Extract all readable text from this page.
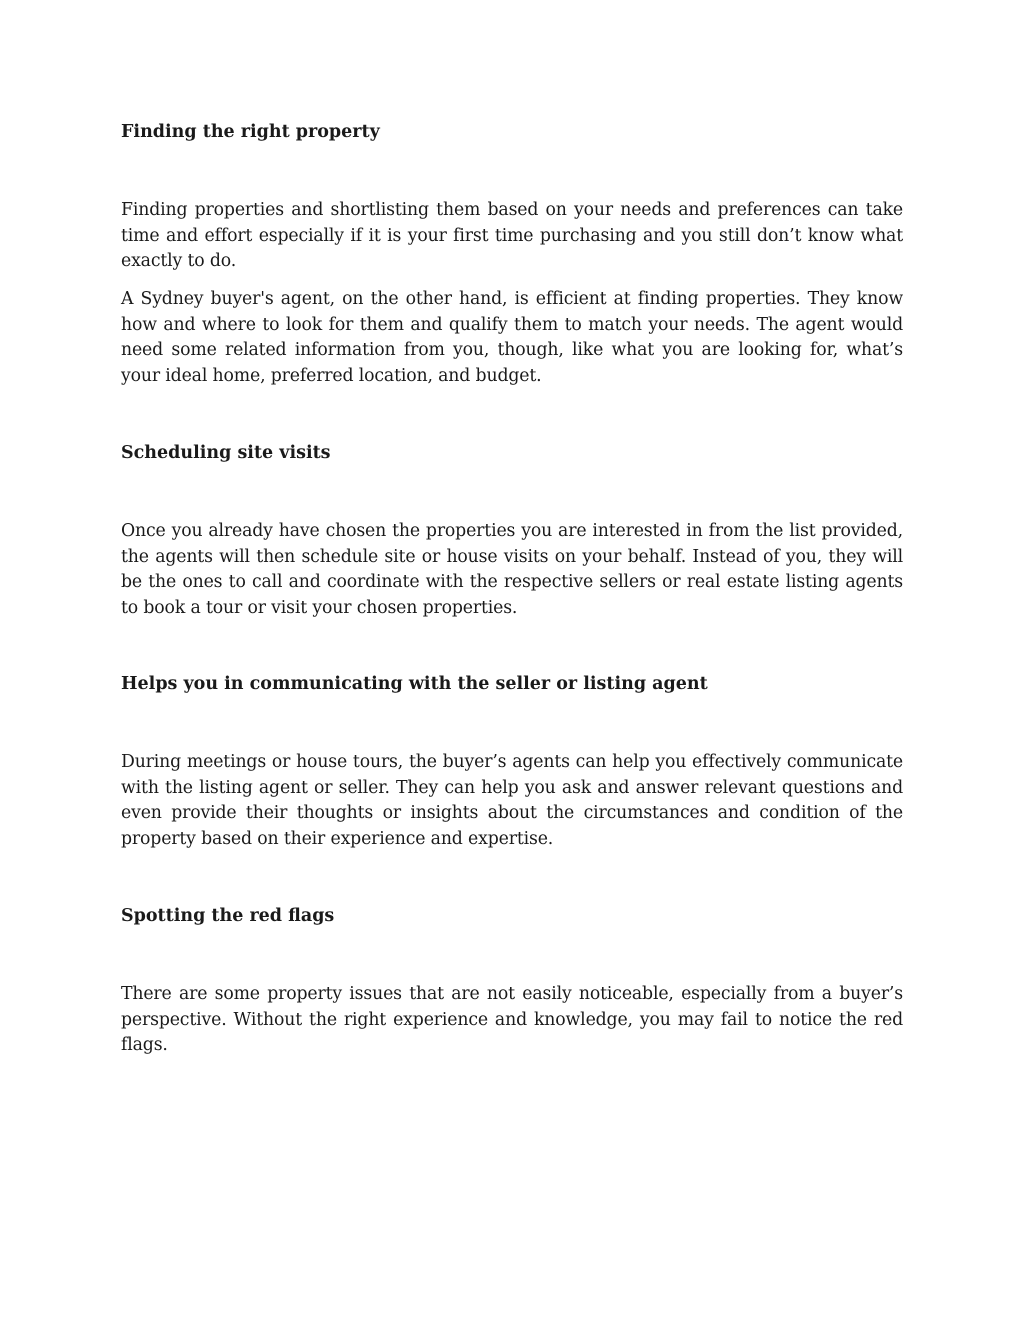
Finding the right property

Finding properties and shortlisting them based on your needs and preferences can take time and effort especially if it is your first time purchasing and you still don’t know what exactly to do.

A Sydney buyer's agent, on the other hand, is efficient at finding properties. They know how and where to look for them and qualify them to match your needs. The agent would need some related information from you, though, like what you are looking for, what’s your ideal home, preferred location, and budget.

Scheduling site visits

Once you already have chosen the properties you are interested in from the list provided, the agents will then schedule site or house visits on your behalf. Instead of you, they will be the ones to call and coordinate with the respective sellers or real estate listing agents to book a tour or visit your chosen properties.

Helps you in communicating with the seller or listing agent

During meetings or house tours, the buyer’s agents can help you effectively communicate with the listing agent or seller. They can help you ask and answer relevant questions and even provide their thoughts or insights about the circumstances and condition of the property based on their experience and expertise.

Spotting the red flags

There are some property issues that are not easily noticeable, especially from a buyer’s perspective. Without the right experience and knowledge, you may fail to notice the red flags.
